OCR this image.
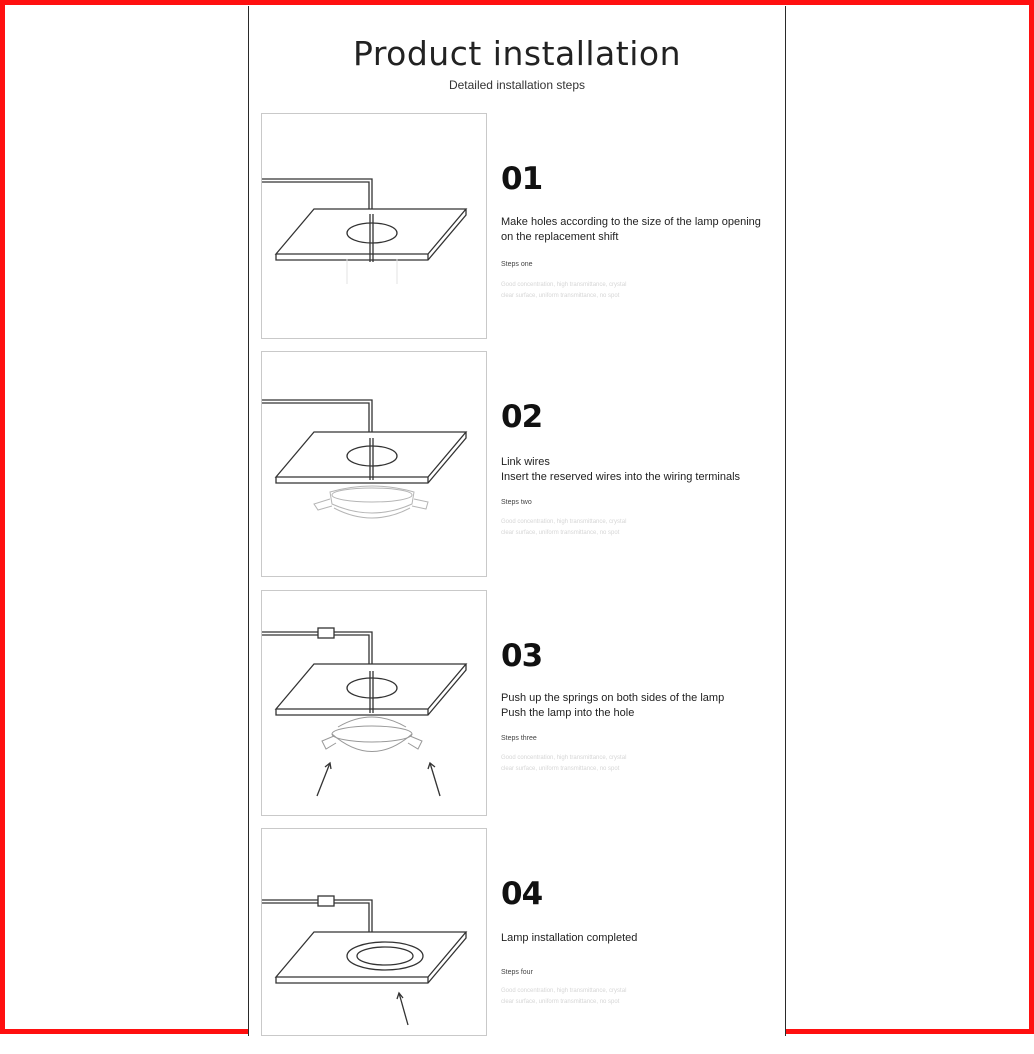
Product installation
Detailed installation steps
01
Make holes according to the size of the lamp opening
on the replacement shift
Steps one
Good concentration, high transmittance, crystal
clear surface, uniform transmittance, no spot
02
Link wires
Insert the reserved wires into the wiring terminals
Steps two
Good concentration, high transmittance, crystal
clear surface, uniform transmittance, no spot
03
Push up the springs on both sides of the lamp
Push the lamp into the hole
Steps three
Good concentration, high transmittance, crystal
clear surface, uniform transmittance, no spot
04
Lamp installation completed
Steps four
Good concentration, high transmittance, crystal
clear surface, uniform transmittance, no spot
